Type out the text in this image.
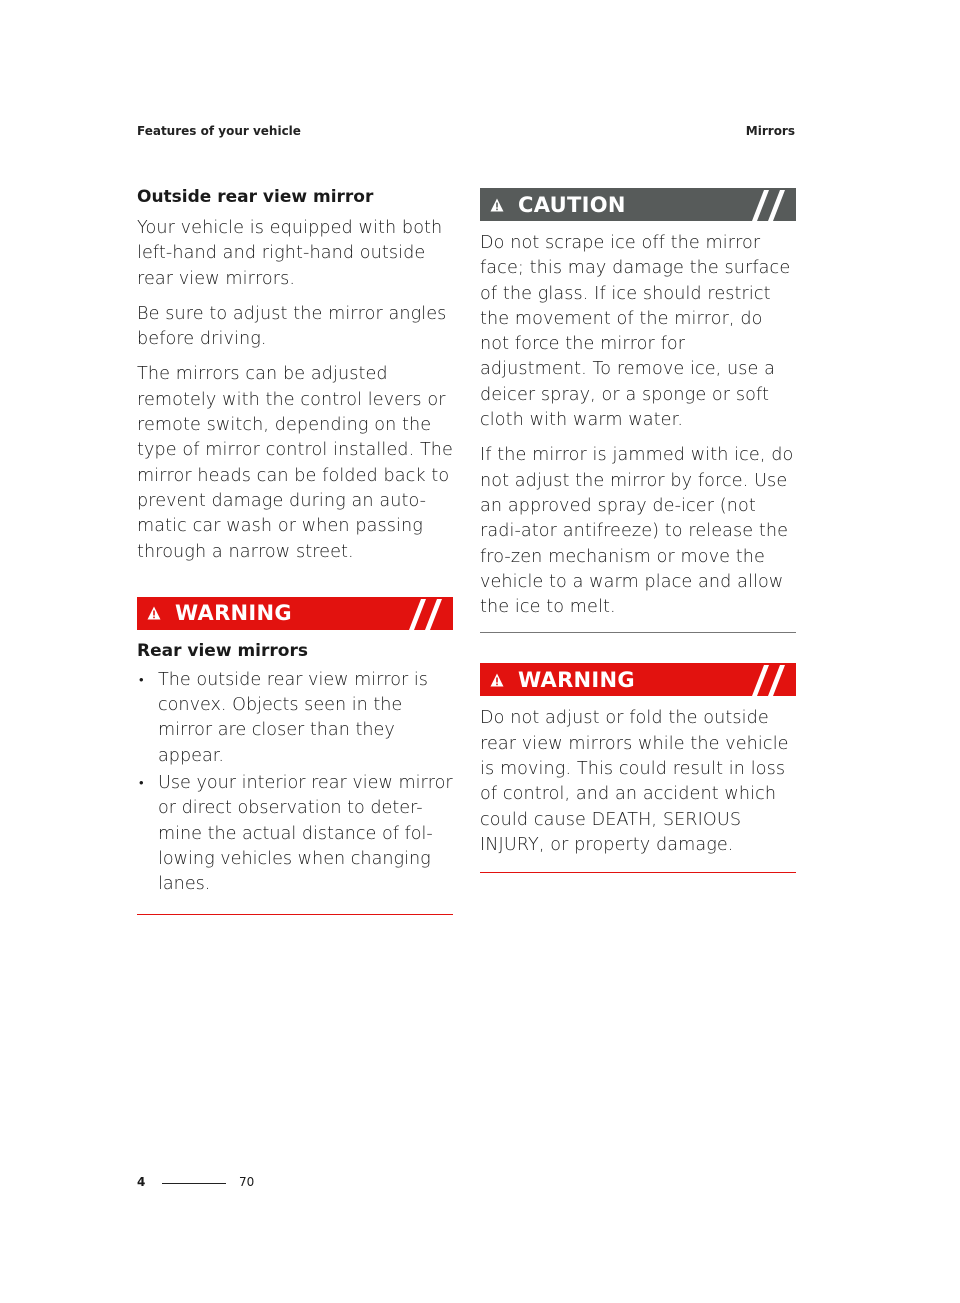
Features of your vehicle	Mirrors
Outside rear view mirror

Your vehicle is equipped with both left-hand and right-hand outside rear view mirrors.

Be sure to adjust the mirror angles before driving.

The mirrors can be adjusted remotely with the control levers or remote switch, depending on the type of mirror control installed. The mirror heads can be folded back to prevent damage during an auto-matic car wash or when passing through a narrow street.

WARNING
Rear view mirrors
• The outside rear view mirror is convex. Objects seen in the mirror are closer than they appear.
• Use your interior rear view mirror or direct observation to deter-mine the actual distance of fol-lowing vehicles when changing lanes.
CAUTION

Do not scrape ice off the mirror face; this may damage the surface of the glass. If ice should restrict the movement of the mirror, do not force the mirror for adjustment. To remove ice, use a deicer spray, or a sponge or soft cloth with warm water.

If the mirror is jammed with ice, do not adjust the mirror by force. Use an approved spray de-icer (not radi-ator antifreeze) to release the fro-zen mechanism or move the vehicle to a warm place and allow the ice to melt.

WARNING

Do not adjust or fold the outside rear view mirrors while the vehicle is moving. This could result in loss of control, and an accident which could cause DEATH, SERIOUS INJURY, or property damage.

4	70
